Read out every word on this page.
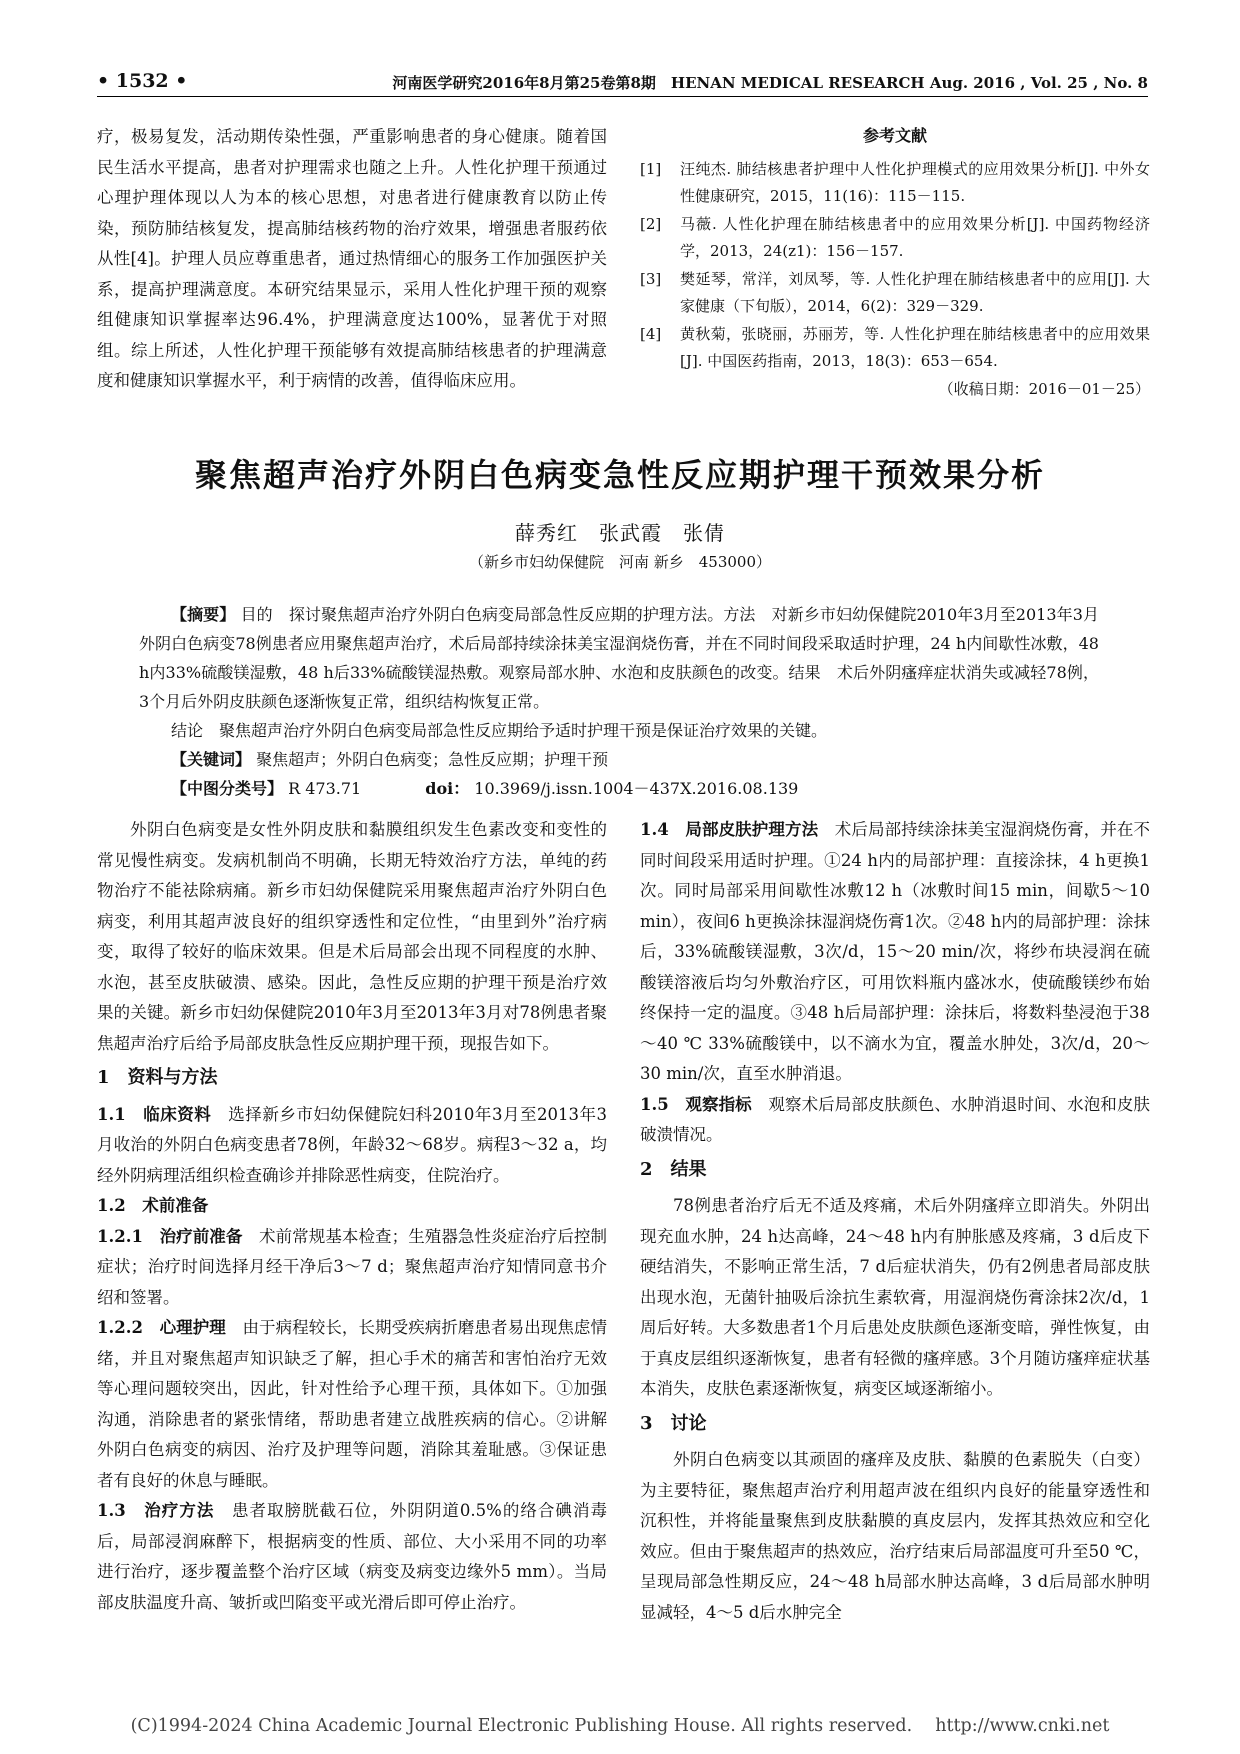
• 1532 •	河南医学研究2016年8月第25卷第8期　HENAN MEDICAL RESEARCH Aug. 2016 , Vol. 25 , No. 8

疗，极易复发，活动期传染性强，严重影响患者的身心健康。随着国民生活水平提高，患者对护理需求也随之上升。人性化护理干预通过心理护理体现以人为本的核心思想，对患者进行健康教育以防止传染，预防肺结核复发，提高肺结核药物的治疗效果，增强患者服药依从性[4]。护理人员应尊重患者，通过热情细心的服务工作加强医护关系，提高护理满意度。本研究结果显示，采用人性化护理干预的观察组健康知识掌握率达96.4%，护理满意度达100%，显著优于对照组。综上所述，人性化护理干预能够有效提高肺结核患者的护理满意度和健康知识掌握水平，利于病情的改善，值得临床应用。

参考文献
[1]	汪纯杰. 肺结核患者护理中人性化护理模式的应用效果分析[J]. 中外女性健康研究，2015，11(16)：115－115.
[2]	马薇. 人性化护理在肺结核患者中的应用效果分析[J]. 中国药物经济学，2013，24(z1)：156－157.
[3]	樊延琴，常洋，刘凤琴，等. 人性化护理在肺结核患者中的应用[J]. 大家健康（下旬版），2014，6(2)：329－329.
[4]	黄秋菊，张晓丽，苏丽芳，等. 人性化护理在肺结核患者中的应用效果[J]. 中国医药指南，2013，18(3)：653－654.
（收稿日期：2016－01－25）
聚焦超声治疗外阴白色病变急性反应期护理干预效果分析
薛秀红　张武霞　张倩
（新乡市妇幼保健院　河南 新乡　453000）

【摘要】 目的　探讨聚焦超声治疗外阴白色病变局部急性反应期的护理方法。方法　对新乡市妇幼保健院2010年3月至2013年3月外阴白色病变78例患者应用聚焦超声治疗，术后局部持续涂抹美宝湿润烧伤膏，并在不同时间段采取适时护理，24 h内间歇性冰敷，48 h内33%硫酸镁湿敷，48 h后33%硫酸镁湿热敷。观察局部水肿、水泡和皮肤颜色的改变。结果　术后外阴瘙痒症状消失或减轻78例，3个月后外阴皮肤颜色逐渐恢复正常，组织结构恢复正常。

结论　聚焦超声治疗外阴白色病变局部急性反应期给予适时护理干预是保证治疗效果的关键。

【关键词】 聚焦超声；外阴白色病变；急性反应期；护理干预

【中图分类号】 R 473.71　　　　	doi： 10.3969/j.issn.1004－437X.2016.08.139

外阴白色病变是女性外阴皮肤和黏膜组织发生色素改变和变性的常见慢性病变。发病机制尚不明确，长期无特效治疗方法，单纯的药物治疗不能祛除病痛。新乡市妇幼保健院采用聚焦超声治疗外阴白色病变，利用其超声波良好的组织穿透性和定位性，“由里到外”治疗病变，取得了较好的临床效果。但是术后局部会出现不同程度的水肿、水泡，甚至皮肤破溃、感染。因此，急性反应期的护理干预是治疗效果的关键。新乡市妇幼保健院2010年3月至2013年3月对78例患者聚焦超声治疗后给予局部皮肤急性反应期护理干预，现报告如下。

1　资料与方法

1.1　临床资料　 选择新乡市妇幼保健院妇科2010年3月至2013年3月收治的外阴白色病变患者78例，年龄32～68岁。病程3～32 a，均经外阴病理活组织检查确诊并排除恶性病变，住院治疗。

1.2　术前准备

1.2.1　治疗前准备　 术前常规基本检查；生殖器急性炎症治疗后控制症状；治疗时间选择月经干净后3～7 d；聚焦超声治疗知情同意书介绍和签署。

1.2.2　心理护理　 由于病程较长，长期受疾病折磨患者易出现焦虑情绪，并且对聚焦超声知识缺乏了解，担心手术的痛苦和害怕治疗无效等心理问题较突出，因此，针对性给予心理干预，具体如下。①加强沟通，消除患者的紧张情绪，帮助患者建立战胜疾病的信心。②讲解外阴白色病变的病因、治疗及护理等问题，消除其羞耻感。③保证患者有良好的休息与睡眠。

1.3　治疗方法　 患者取膀胱截石位，外阴阴道0.5%的络合碘消毒后，局部浸润麻醉下，根据病变的性质、部位、大小采用不同的功率进行治疗，逐步覆盖整个治疗区域（病变及病变边缘外5 mm）。当局部皮肤温度升高、皱折或凹陷变平或光滑后即可停止治疗。

1.4　局部皮肤护理方法　 术后局部持续涂抹美宝湿润烧伤膏，并在不同时间段采用适时护理。①24 h内的局部护理：直接涂抹，4 h更换1次。同时局部采用间歇性冰敷12 h（冰敷时间15 min，间歇5～10 min），夜间6 h更换涂抹湿润烧伤膏1次。②48 h内的局部护理：涂抹后，33%硫酸镁湿敷，3次/d，15～20 min/次，将纱布块浸润在硫酸镁溶液后均匀外敷治疗区，可用饮料瓶内盛冰水，使硫酸镁纱布始终保持一定的温度。③48 h后局部护理：涂抹后，将数料垫浸泡于38～40 ℃ 33%硫酸镁中，以不滴水为宜，覆盖水肿处，3次/d，20～30 min/次，直至水肿消退。

1.5　观察指标　 观察术后局部皮肤颜色、水肿消退时间、水泡和皮肤破溃情况。

2　结果

78例患者治疗后无不适及疼痛，术后外阴瘙痒立即消失。外阴出现充血水肿，24 h达高峰，24～48 h内有肿胀感及疼痛，3 d后皮下硬结消失，不影响正常生活，7 d后症状消失，仍有2例患者局部皮肤出现水泡，无菌针抽吸后涂抗生素软膏，用湿润烧伤膏涂抹2次/d，1周后好转。大多数患者1个月后患处皮肤颜色逐渐变暗，弹性恢复，由于真皮层组织逐渐恢复，患者有轻微的瘙痒感。3个月随访瘙痒症状基本消失，皮肤色素逐渐恢复，病变区域逐渐缩小。

3　讨论

外阴白色病变以其顽固的瘙痒及皮肤、黏膜的色素脱失（白变）为主要特征，聚焦超声治疗利用超声波在组织内良好的能量穿透性和沉积性，并将能量聚焦到皮肤黏膜的真皮层内，发挥其热效应和空化效应。但由于聚焦超声的热效应，治疗结束后局部温度可升至50 ℃，呈现局部急性期反应，24～48 h局部水肿达高峰，3 d后局部水肿明显减轻，4～5 d后水肿完全

(C)1994-2024 China Academic Journal Electronic Publishing House. All rights reserved.　 http://www.cnki.net
